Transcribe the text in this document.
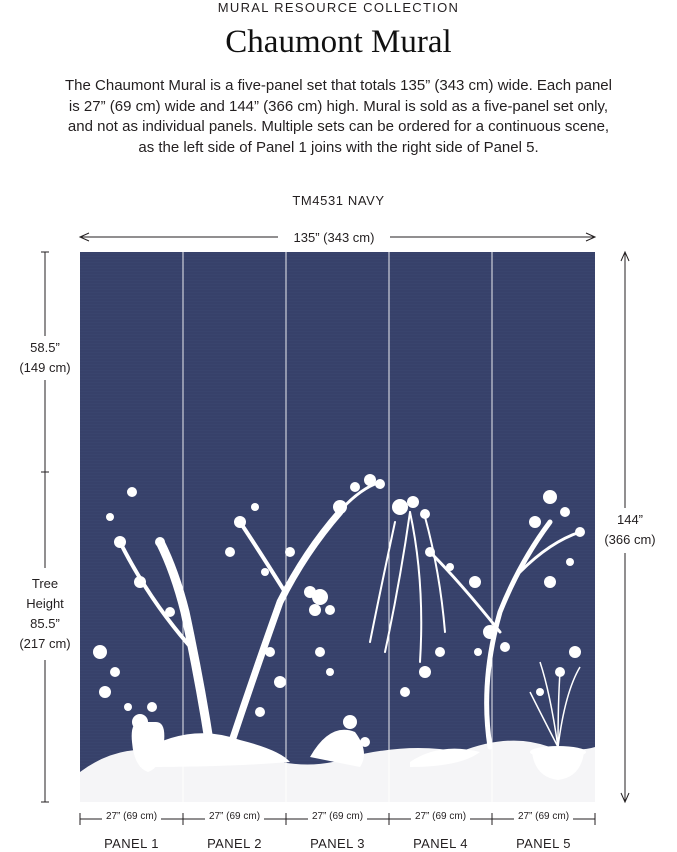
MURAL RESOURCE COLLECTION
Chaumont Mural
The Chaumont Mural is a five-panel set that totals 135” (343 cm) wide. Each panel is 27” (69 cm) wide and 144” (366 cm) high. Mural is sold as a five-panel set only, and not as individual panels. Multiple sets can be ordered for a continuous scene, as the left side of Panel 1 joins with the right side of Panel 5.
TM4531 NAVY
135” (343 cm)
144”
(366 cm)
58.5”
(149 cm)
Tree
Height
85.5”
(217 cm)
27” (69 cm)	27” (69 cm)	27” (69 cm)	27” (69 cm)	27” (69 cm)
PANEL 1	PANEL 2	PANEL 3	PANEL 4	PANEL 5
